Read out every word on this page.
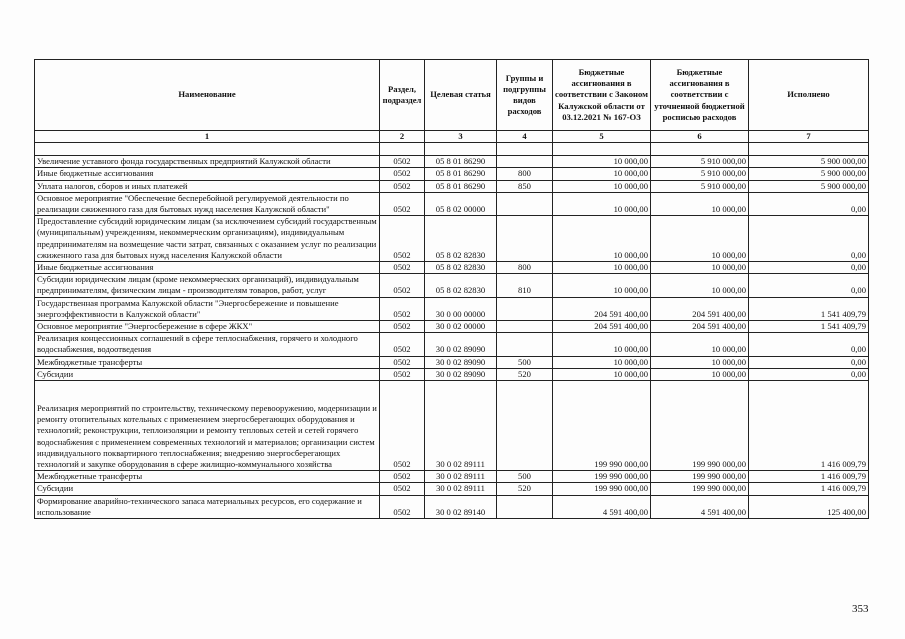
Наименование	Раздел, подраздел	Целевая статья	Группы и подгруппы видов расходов	Бюджетные ассигнования в соответствии с Законом Калужской области от 03.12.2021 № 167-ОЗ	Бюджетные ассигнования в соответствии с уточненной бюджетной росписью расходов	Исполнено
1	2	3	4	5	6	7

Увеличение уставного фонда государственных предприятий Калужской области	0502	05 8 01 86290		10 000,00	5 910 000,00	5 900 000,00
Иные бюджетные ассигнования	0502	05 8 01 86290	800	10 000,00	5 910 000,00	5 900 000,00
Уплата налогов, сборов и иных платежей	0502	05 8 01 86290	850	10 000,00	5 910 000,00	5 900 000,00
Основное мероприятие "Обеспечение бесперебойной регулируемой деятельности по реализации сжиженного газа для бытовых нужд населения Калужской области"	0502	05 8 02 00000		10 000,00	10 000,00	0,00
Предоставление субсидий юридическим лицам (за исключением субсидий государственным (муниципальным) учреждениям, некоммерческим организациям), индивидуальным предпринимателям на возмещение части затрат, связанных с оказанием услуг по реализации сжиженного газа для бытовых нужд населения Калужской области	0502	05 8 02 82830		10 000,00	10 000,00	0,00
Иные бюджетные ассигнования	0502	05 8 02 82830	800	10 000,00	10 000,00	0,00
Субсидии юридическим лицам (кроме некоммерческих организаций), индивидуальным предпринимателям, физическим лицам - производителям товаров, работ, услуг	0502	05 8 02 82830	810	10 000,00	10 000,00	0,00
Государственная программа Калужской области "Энергосбережение и повышение энергоэффективности в Калужской области"	0502	30 0 00 00000		204 591 400,00	204 591 400,00	1 541 409,79
Основное мероприятие "Энергосбережение в сфере ЖКХ"	0502	30 0 02 00000		204 591 400,00	204 591 400,00	1 541 409,79
Реализация концессионных соглашений в сфере теплоснабжения, горячего и холодного водоснабжения, водоотведения	0502	30 0 02 89090		10 000,00	10 000,00	0,00
Межбюджетные трансферты	0502	30 0 02 89090	500	10 000,00	10 000,00	0,00
Субсидии	0502	30 0 02 89090	520	10 000,00	10 000,00	0,00
Реализация мероприятий по строительству, техническому перевооружению, модернизации и ремонту отопительных котельных с применением энергосберегающих оборудования и технологий; реконструкции, теплоизоляции и ремонту тепловых сетей и сетей горячего водоснабжения с применением современных технологий и материалов; организации систем индивидуального поквартирного теплоснабжения; внедрению энергосберегающих технологий и закупке оборудования в сфере жилищно-коммунального хозяйства	0502	30 0 02 89111		199 990 000,00	199 990 000,00	1 416 009,79
Межбюджетные трансферты	0502	30 0 02 89111	500	199 990 000,00	199 990 000,00	1 416 009,79
Субсидии	0502	30 0 02 89111	520	199 990 000,00	199 990 000,00	1 416 009,79
Формирование аварийно-технического запаса материальных ресурсов, его содержание и использование	0502	30 0 02 89140		4 591 400,00	4 591 400,00	125 400,00
353
